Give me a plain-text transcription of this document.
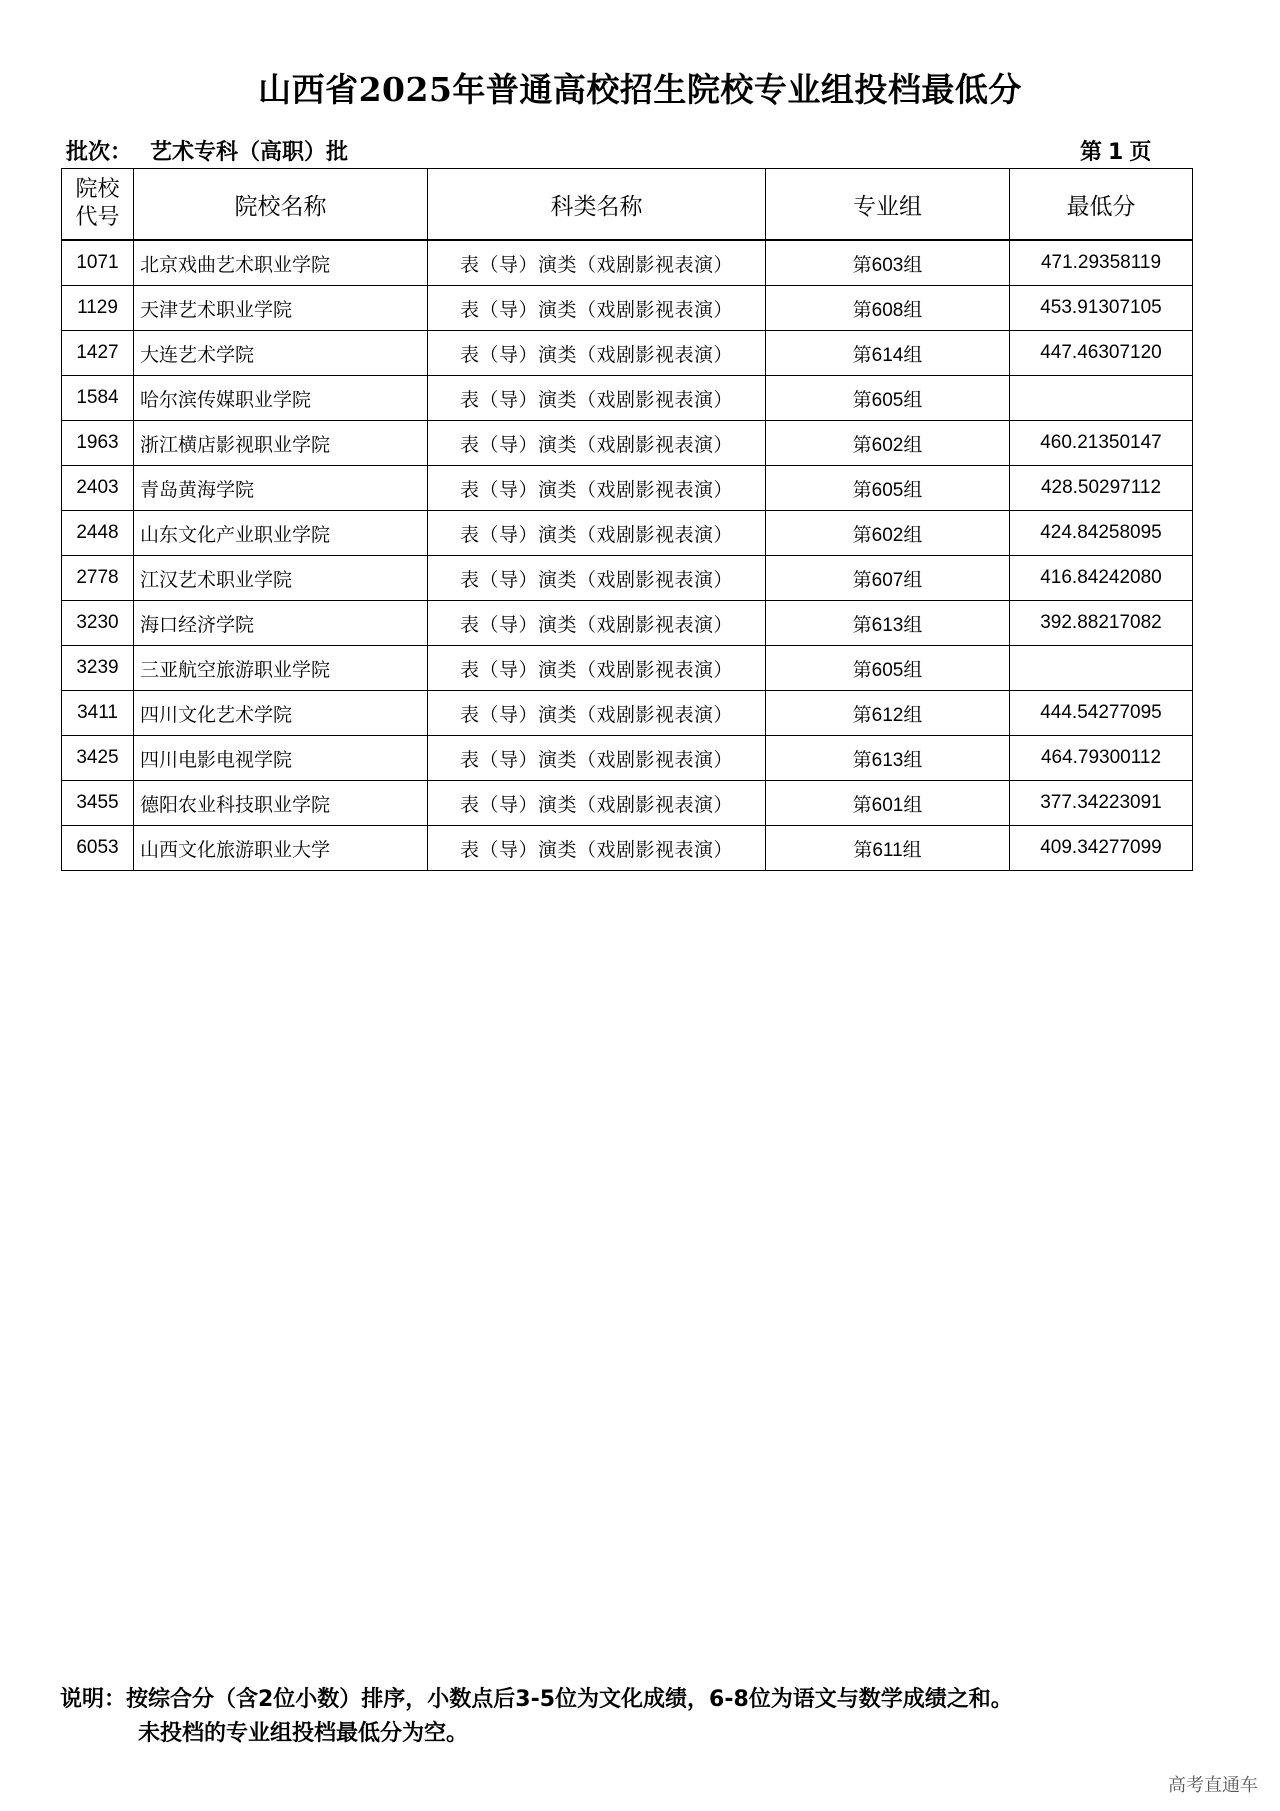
山西省2025年普通高校招生院校专业组投档最低分
批次： 艺术专科（高职）批	第 1 页
院校
代号	院校名称	科类名称	专业组	最低分
1071	北京戏曲艺术职业学院	表（导）演类（戏剧影视表演）	第603组	471.29358119
1129	天津艺术职业学院	表（导）演类（戏剧影视表演）	第608组	453.91307105
1427	大连艺术学院	表（导）演类（戏剧影视表演）	第614组	447.46307120
1584	哈尔滨传媒职业学院	表（导）演类（戏剧影视表演）	第605组	
1963	浙江横店影视职业学院	表（导）演类（戏剧影视表演）	第602组	460.21350147
2403	青岛黄海学院	表（导）演类（戏剧影视表演）	第605组	428.50297112
2448	山东文化产业职业学院	表（导）演类（戏剧影视表演）	第602组	424.84258095
2778	江汉艺术职业学院	表（导）演类（戏剧影视表演）	第607组	416.84242080
3230	海口经济学院	表（导）演类（戏剧影视表演）	第613组	392.88217082
3239	三亚航空旅游职业学院	表（导）演类（戏剧影视表演）	第605组	
3411	四川文化艺术学院	表（导）演类（戏剧影视表演）	第612组	444.54277095
3425	四川电影电视学院	表（导）演类（戏剧影视表演）	第613组	464.79300112
3455	德阳农业科技职业学院	表（导）演类（戏剧影视表演）	第601组	377.34223091
6053	山西文化旅游职业大学	表（导）演类（戏剧影视表演）	第611组	409.34277099
说明：按综合分（含2位小数）排序，小数点后3-5位为文化成绩，6-8位为语文与数学成绩之和。
未投档的专业组投档最低分为空。
高考直通车
